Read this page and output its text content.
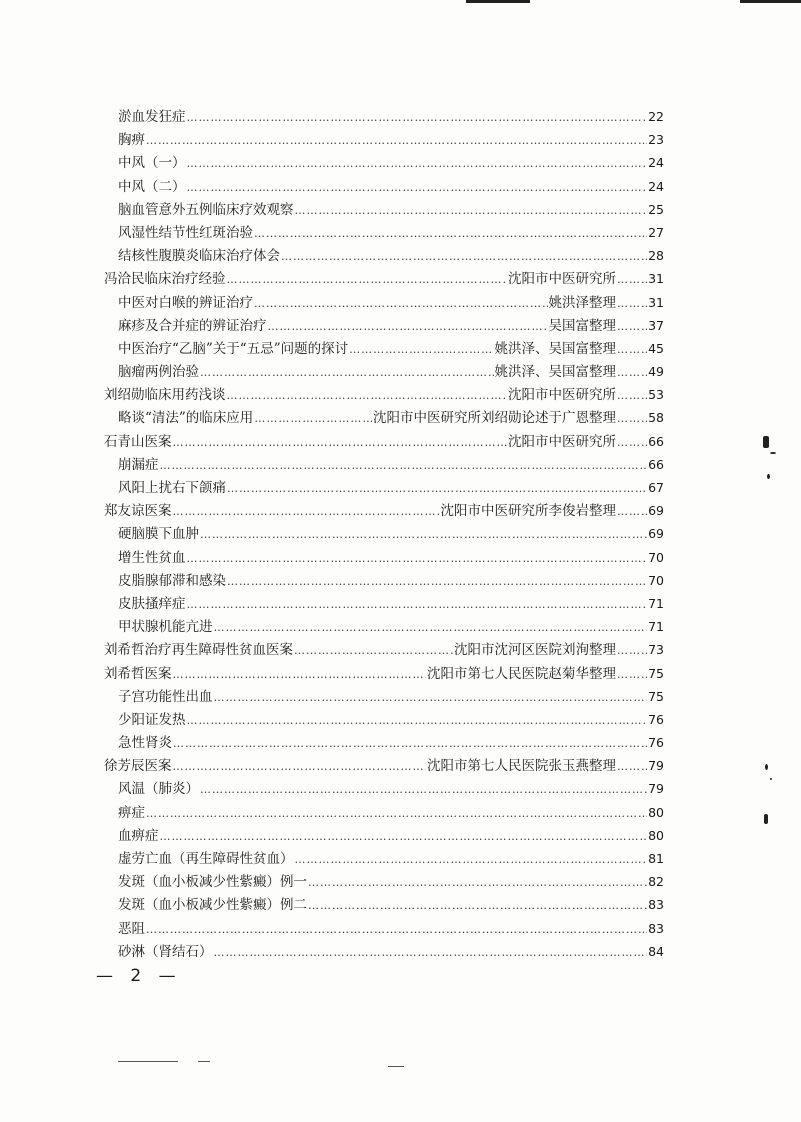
淤血发狂症 ……………………………………………………………………………………………………………………………………………………………………………………………………………………	22
胸痹 ……………………………………………………………………………………………………………………………………………………………………………………………………………………	23
中风（一） ……………………………………………………………………………………………………………………………………………………………………………………………………………………	24
中风（二） ……………………………………………………………………………………………………………………………………………………………………………………………………………………	24
脑血管意外五例临床疗效观察 ……………………………………………………………………………………………………………………………………………………………………………………………………………………	25
风湿性结节性红斑治验 ……………………………………………………………………………………………………………………………………………………………………………………………………………………	27
结核性腹膜炎临床治疗体会 ……………………………………………………………………………………………………………………………………………………………………………………………………………………	28
冯洽民临床治疗经验 ……………………………………………………………………………………………………………………………………………………………………………………………………………………	沈阳市中医研究所 ……………………………………………………………………………………………………………………………………………………………………………………………………………………	31
中医对白喉的辨证治疗 ……………………………………………………………………………………………………………………………………………………………………………………………………………………	姚洪泽整理 ……………………………………………………………………………………………………………………………………………………………………………………………………………………	31
麻疹及合并症的辨证治疗 ……………………………………………………………………………………………………………………………………………………………………………………………………………………	吴国富整理 ……………………………………………………………………………………………………………………………………………………………………………………………………………………	37
中医治疗“乙脑”关于“五忌”问题的探讨 ……………………………………………………………………………………………………………………………………………………………………………………………………………………	姚洪泽、吴国富整理 ……………………………………………………………………………………………………………………………………………………………………………………………………………………	45
脑瘤两例治验 ……………………………………………………………………………………………………………………………………………………………………………………………………………………	姚洪泽、吴国富整理 ……………………………………………………………………………………………………………………………………………………………………………………………………………………	49
刘绍勋临床用药浅谈 ……………………………………………………………………………………………………………………………………………………………………………………………………………………	沈阳市中医研究所 ……………………………………………………………………………………………………………………………………………………………………………………………………………………	53
略谈“清法”的临床应用 ……………………………………………………………………………………………………………………………………………………………………………………………………………………	沈阳市中医研究所刘绍勋论述于广恩整理 ……………………………………………………………………………………………………………………………………………………………………………………………………………………	58
石青山医案 ……………………………………………………………………………………………………………………………………………………………………………………………………………………	沈阳市中医研究所 ……………………………………………………………………………………………………………………………………………………………………………………………………………………	66
崩漏症 ……………………………………………………………………………………………………………………………………………………………………………………………………………………	66
风阳上扰右下颌痛 ……………………………………………………………………………………………………………………………………………………………………………………………………………………	67
郑友谅医案 ……………………………………………………………………………………………………………………………………………………………………………………………………………………	沈阳市中医研究所李俊岩整理 ……………………………………………………………………………………………………………………………………………………………………………………………………………………	69
硬脑膜下血肿 ……………………………………………………………………………………………………………………………………………………………………………………………………………………	69
增生性贫血 ……………………………………………………………………………………………………………………………………………………………………………………………………………………	70
皮脂腺郁滞和感染 ……………………………………………………………………………………………………………………………………………………………………………………………………………………	70
皮肤搔痒症 ……………………………………………………………………………………………………………………………………………………………………………………………………………………	71
甲状腺机能亢进 ……………………………………………………………………………………………………………………………………………………………………………………………………………………	71
刘希哲治疗再生障碍性贫血医案 ……………………………………………………………………………………………………………………………………………………………………………………………………………………	沈阳市沈河区医院刘洵整理 ……………………………………………………………………………………………………………………………………………………………………………………………………………………	73
刘希哲医案 ……………………………………………………………………………………………………………………………………………………………………………………………………………………	沈阳市第七人民医院赵菊华整理 ……………………………………………………………………………………………………………………………………………………………………………………………………………………	75
子宫功能性出血 ……………………………………………………………………………………………………………………………………………………………………………………………………………………	75
少阳证发热 ……………………………………………………………………………………………………………………………………………………………………………………………………………………	76
急性肾炎 ……………………………………………………………………………………………………………………………………………………………………………………………………………………	76
徐芳辰医案 ……………………………………………………………………………………………………………………………………………………………………………………………………………………	沈阳市第七人民医院张玉燕整理 ……………………………………………………………………………………………………………………………………………………………………………………………………………………	79
风温（肺炎） ……………………………………………………………………………………………………………………………………………………………………………………………………………………	79
痹症 ……………………………………………………………………………………………………………………………………………………………………………………………………………………	80
血痹症 ……………………………………………………………………………………………………………………………………………………………………………………………………………………	80
虚劳亡血（再生障碍性贫血） ……………………………………………………………………………………………………………………………………………………………………………………………………………………	81
发斑（血小板减少性紫癜）例一 ……………………………………………………………………………………………………………………………………………………………………………………………………………………	82
发斑（血小板减少性紫癜）例二 ……………………………………………………………………………………………………………………………………………………………………………………………………………………	83
恶阻 ……………………………………………………………………………………………………………………………………………………………………………………………………………………	83
砂淋（肾结石） ……………………………………………………………………………………………………………………………………………………………………………………………………………………	84
— 2 —
